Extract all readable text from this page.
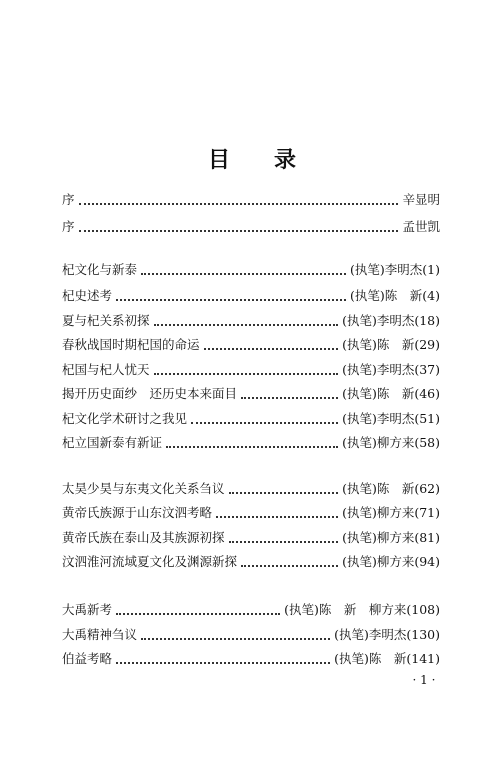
目 录
序	辛显明
序	孟世凯
杞文化与新泰	(执笔)李明杰(1)
杞史述考	(执笔)陈　新(4)
夏与杞关系初探	(执笔)李明杰(18)
春秋战国时期杞国的命运	(执笔)陈　新(29)
杞国与杞人忧天	(执笔)李明杰(37)
揭开历史面纱　还历史本来面目	(执笔)陈　新(46)
杞文化学术研讨之我见	(执笔)李明杰(51)
杞立国新泰有新证	(执笔)柳方来(58)
太昊少昊与东夷文化关系刍议	(执笔)陈　新(62)
黄帝氏族源于山东汶泗考略	(执笔)柳方来(71)
黄帝氏族在泰山及其族源初探	(执笔)柳方来(81)
汶泗淮河流域夏文化及渊源新探	(执笔)柳方来(94)
大禹新考	(执笔)陈　新　柳方来(108)
大禹精神刍议	(执笔)李明杰(130)
伯益考略	(执笔)陈　新(141)
· 1 ·
